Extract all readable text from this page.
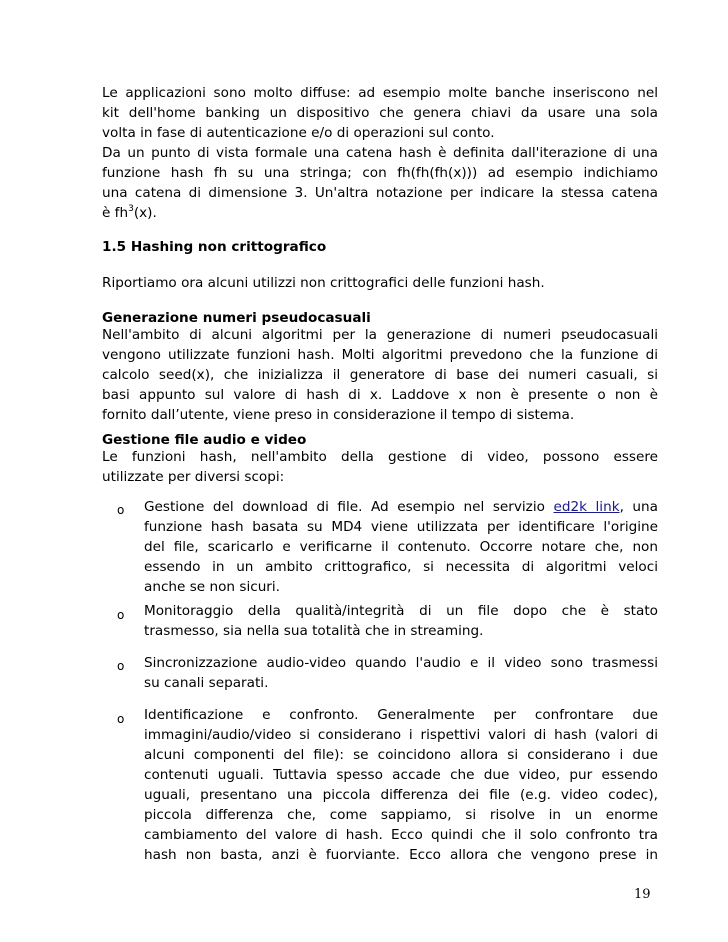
Le applicazioni sono molto diffuse: ad esempio molte banche inseriscono nel
kit dell'home banking un dispositivo che genera chiavi da usare una sola
volta in fase di autenticazione e/o di operazioni sul conto.
Da un punto di vista formale una catena hash è definita dall'iterazione di una
funzione hash fh su una stringa; con fh(fh(fh(x))) ad esempio indichiamo
una catena di dimensione 3. Un'altra notazione per indicare la stessa catena
è $fh^3(x)$.
1.5 Hashing non crittografico
Riportiamo ora alcuni utilizzi non crittografici delle funzioni hash.
Generazione numeri pseudocasuali
Nell'ambito di alcuni algoritmi per la generazione di numeri pseudocasuali
vengono utilizzate funzioni hash. Molti algoritmi prevedono che la funzione di
calcolo seed(x), che inizializza il generatore di base dei numeri casuali, si
basi appunto sul valore di hash di x. Laddove x non è presente o non è
fornito dall’utente, viene preso in considerazione il tempo di sistema.
Gestione file audio e video
Le funzioni hash, nell'ambito della gestione di video, possono essere
utilizzate per diversi scopi:
o Gestione del download di file. Ad esempio nel servizio ed2k link, una
funzione hash basata su MD4 viene utilizzata per identificare l'origine
del file, scaricarlo e verificarne il contenuto. Occorre notare che, non
essendo in un ambito crittografico, si necessita di algoritmi veloci
anche se non sicuri.
o Monitoraggio della qualità/integrità di un file dopo che è stato
trasmesso, sia nella sua totalità che in streaming.
o Sincronizzazione audio-video quando l'audio e il video sono trasmessi
su canali separati.
o Identificazione e confronto. Generalmente per confrontare due
immagini/audio/video si considerano i rispettivi valori di hash (valori di
alcuni componenti del file): se coincidono allora si considerano i due
contenuti uguali. Tuttavia spesso accade che due video, pur essendo
uguali, presentano una piccola differenza dei file (e.g. video codec),
piccola differenza che, come sappiamo, si risolve in un enorme
cambiamento del valore di hash. Ecco quindi che il solo confronto tra
hash non basta, anzi è fuorviante. Ecco allora che vengono prese in
19
